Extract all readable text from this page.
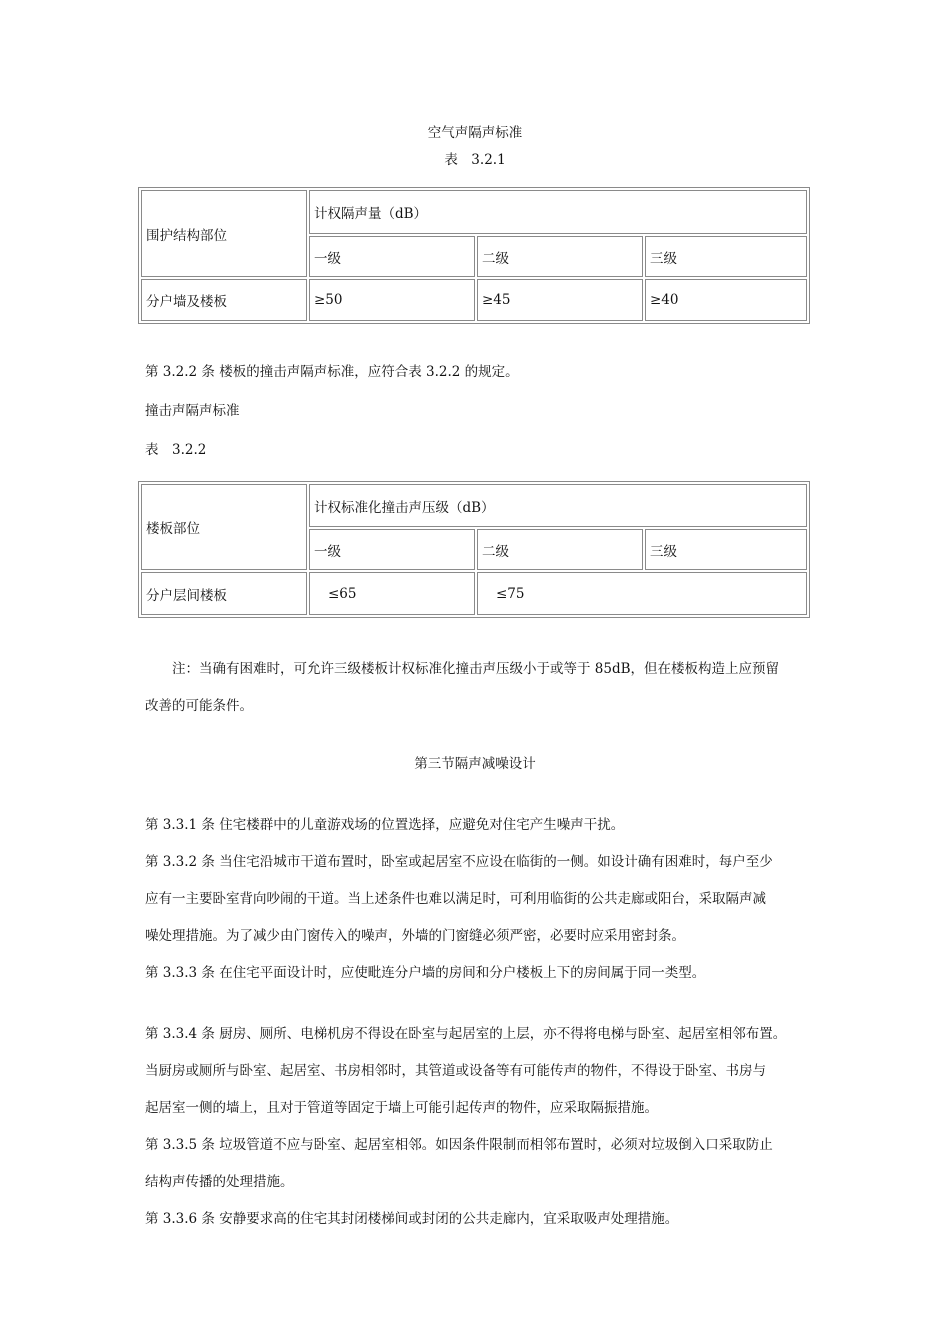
空气声隔声标准
表　3.2.1
围护结构部位	计权隔声量（dB）		
	一级	二级	三级
分户墙及楼板	≥50	≥45	≥40
第 3.2.2 条 楼板的撞击声隔声标准，应符合表 3.2.2 的规定。
撞击声隔声标准
表　3.2.2
楼板部位	计权标准化撞击声压级（dB）		
	一级	二级	三级
分户层间楼板	≤65	≤75	
注：当确有困难时，可允许三级楼板计权标准化撞击声压级小于或等于 85dB，但在楼板构造上应预留
改善的可能条件。
第三节隔声减噪设计
第 3.3.1 条 住宅楼群中的儿童游戏场的位置选择，应避免对住宅产生噪声干扰。
第 3.3.2 条 当住宅沿城市干道布置时，卧室或起居室不应设在临街的一侧。如设计确有困难时，每户至少
应有一主要卧室背向吵闹的干道。当上述条件也难以满足时，可利用临街的公共走廊或阳台，采取隔声减
噪处理措施。为了减少由门窗传入的噪声，外墙的门窗缝必须严密，必要时应采用密封条。
第 3.3.3 条 在住宅平面设计时，应使毗连分户墙的房间和分户楼板上下的房间属于同一类型。
第 3.3.4 条 厨房、厕所、电梯机房不得设在卧室与起居室的上层，亦不得将电梯与卧室、起居室相邻布置。
当厨房或厕所与卧室、起居室、书房相邻时，其管道或设备等有可能传声的物件，不得设于卧室、书房与
起居室一侧的墙上，且对于管道等固定于墙上可能引起传声的物件，应采取隔振措施。
第 3.3.5 条 垃圾管道不应与卧室、起居室相邻。如因条件限制而相邻布置时，必须对垃圾倒入口采取防止
结构声传播的处理措施。
第 3.3.6 条 安静要求高的住宅其封闭楼梯间或封闭的公共走廊内，宜采取吸声处理措施。
